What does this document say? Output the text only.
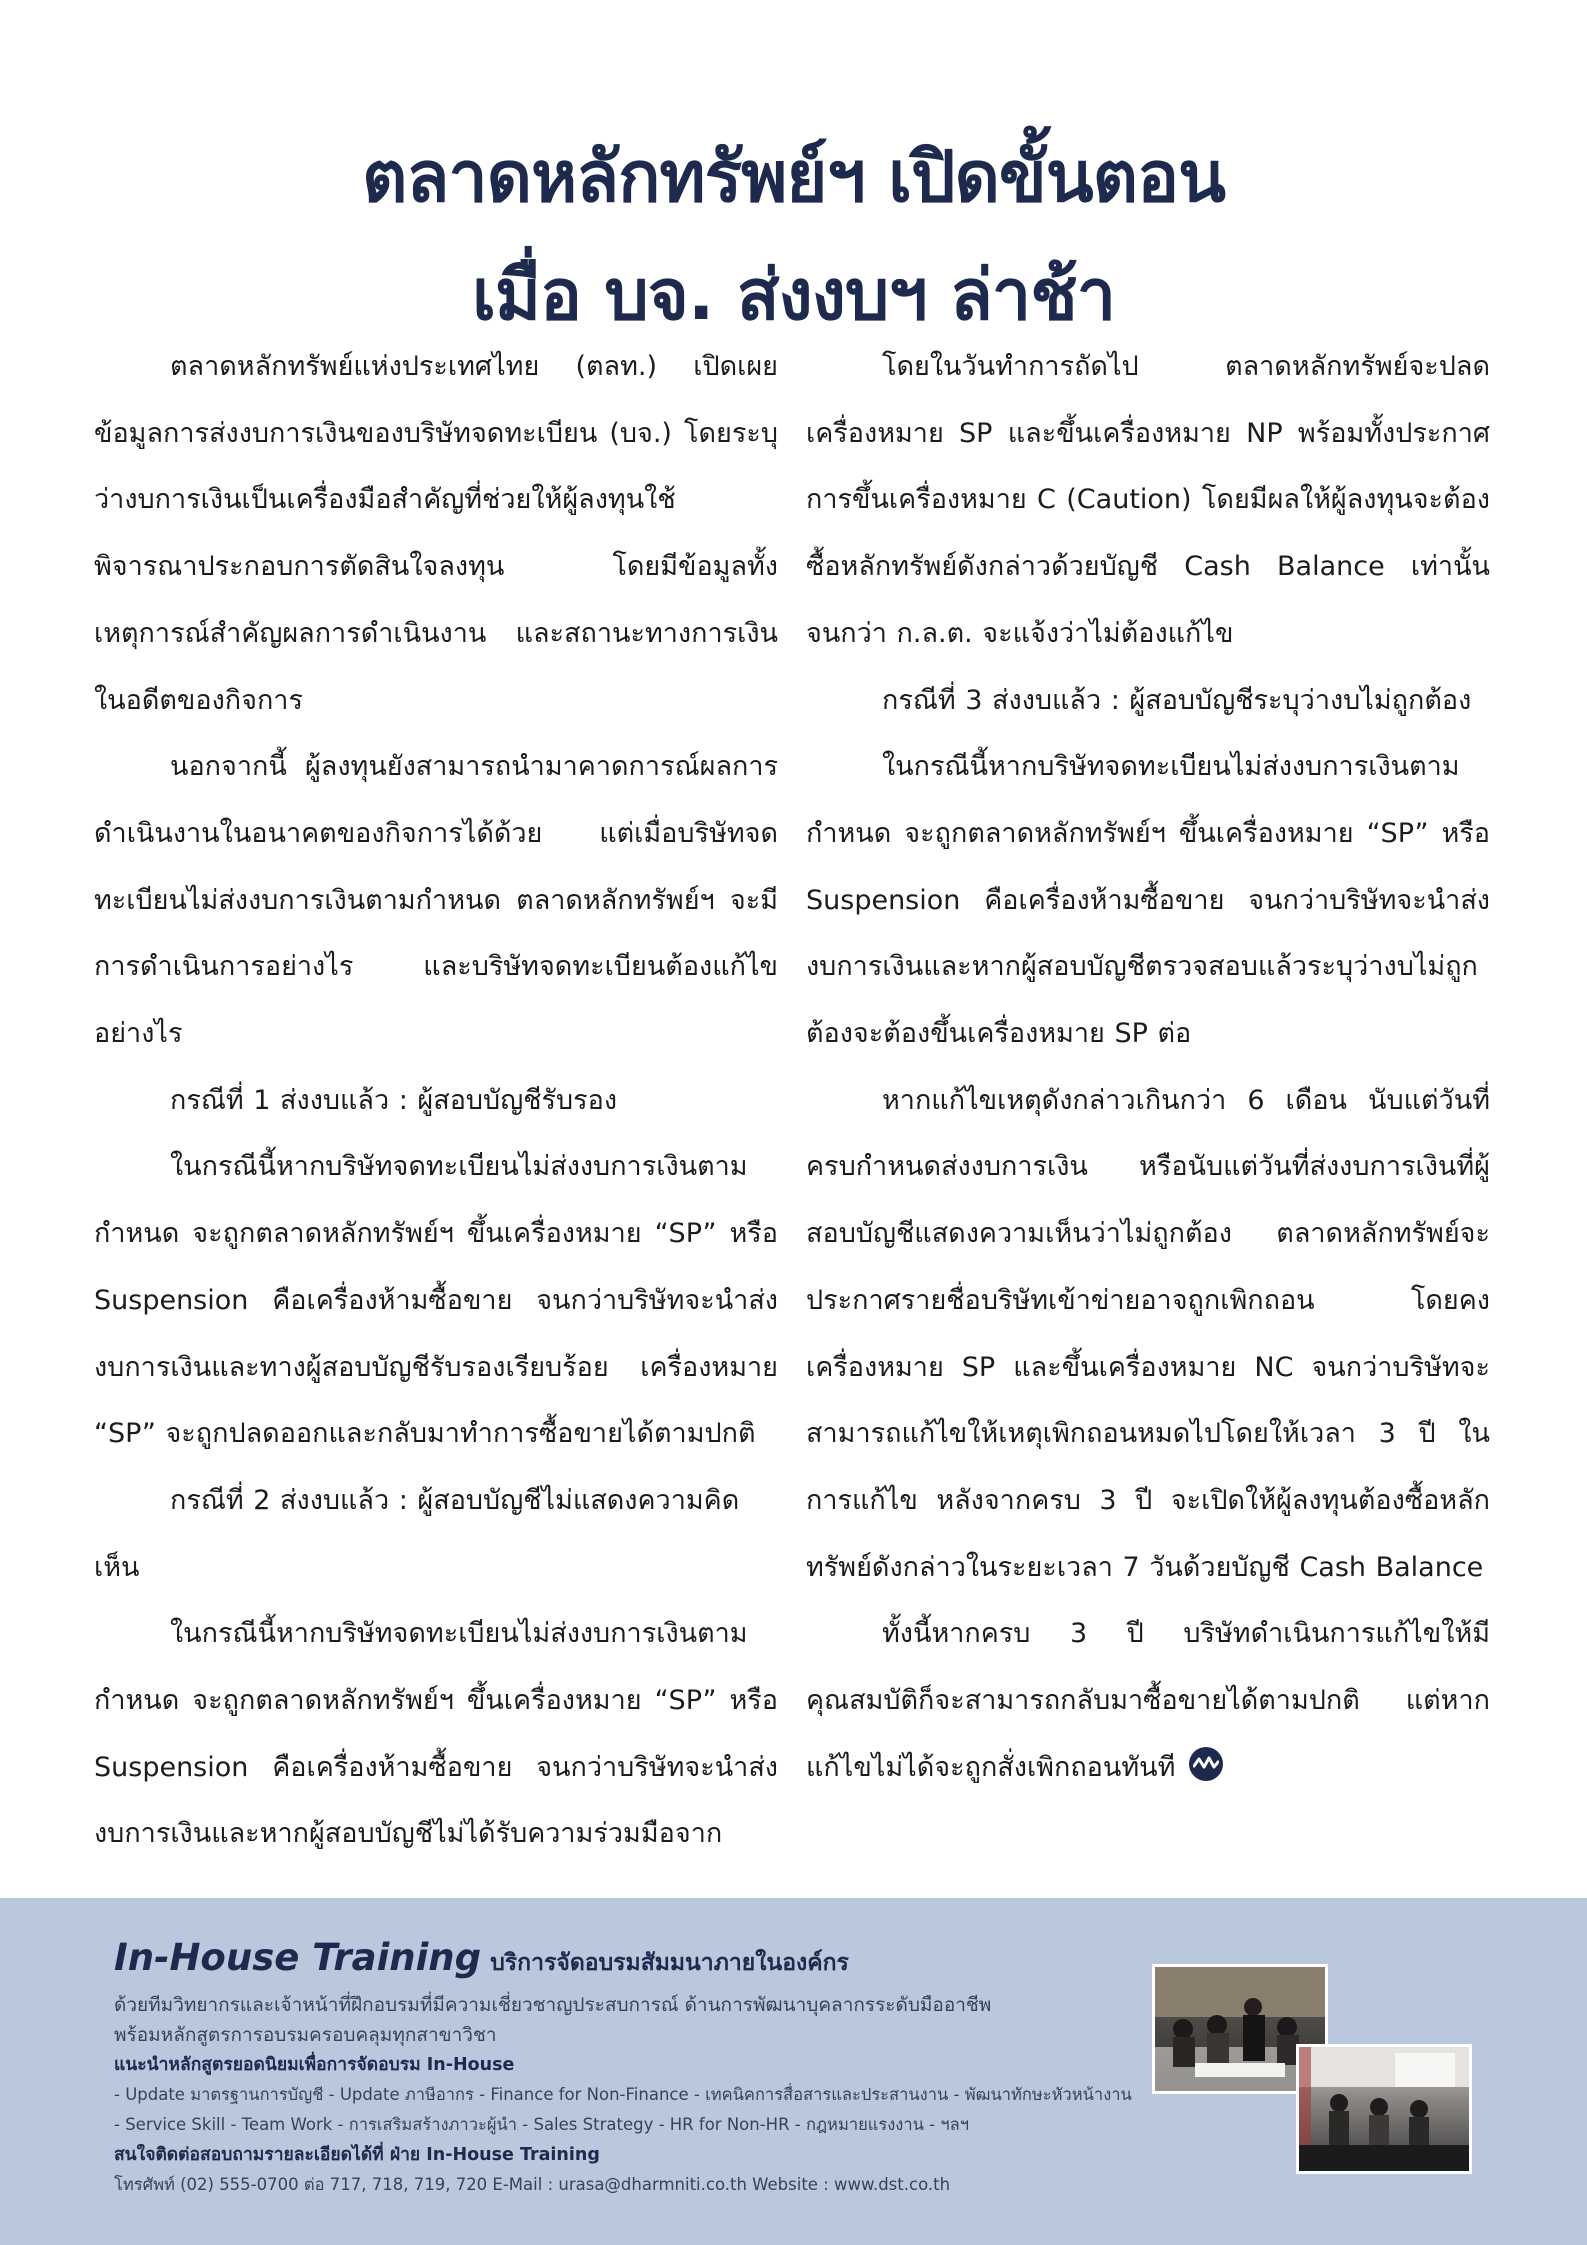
ตลาดหลักทรัพย์ฯ เปิดขั้นตอน
เมื่อ บจ. ส่งงบฯ ล่าช้า

ตลาดหลักทรัพย์แห่งประเทศไทย (ตลท.) เปิดเผยข้อมูลการส่งงบการเงินของบริษัทจดทะเบียน (บจ.) โดยระบุว่างบการเงินเป็นเครื่องมือสำคัญที่ช่วยให้ผู้ลงทุนใช้พิจารณาประกอบการตัดสินใจลงทุน โดยมีข้อมูลทั้งเหตุการณ์สำคัญผลการดำเนินงาน และสถานะทางการเงินในอดีตของกิจการ

นอกจากนี้ ผู้ลงทุนยังสามารถนำมาคาดการณ์ผลการดำเนินงานในอนาคตของกิจการได้ด้วย แต่เมื่อบริษัทจดทะเบียนไม่ส่งงบการเงินตามกำหนด ตลาดหลักทรัพย์ฯ จะมีการดำเนินการอย่างไร และบริษัทจดทะเบียนต้องแก้ไขอย่างไร

กรณีที่ 1 ส่งงบแล้ว : ผู้สอบบัญชีรับรอง

ในกรณีนี้หากบริษัทจดทะเบียนไม่ส่งงบการเงินตามกำหนด จะถูกตลาดหลักทรัพย์ฯ ขึ้นเครื่องหมาย “SP” หรือ Suspension คือเครื่องห้ามซื้อขาย จนกว่าบริษัทจะนำส่งงบการเงินและทางผู้สอบบัญชีรับรองเรียบร้อย เครื่องหมาย “SP” จะถูกปลดออกและกลับมาทำการซื้อขายได้ตามปกติ

กรณีที่ 2 ส่งงบแล้ว : ผู้สอบบัญชีไม่แสดงความคิดเห็น

ในกรณีนี้หากบริษัทจดทะเบียนไม่ส่งงบการเงินตามกำหนด จะถูกตลาดหลักทรัพย์ฯ ขึ้นเครื่องหมาย “SP” หรือ Suspension คือเครื่องห้ามซื้อขาย จนกว่าบริษัทจะนำส่งงบการเงินและหากผู้สอบบัญชีไม่ได้รับความร่วมมือจาก

โดยในวันทำการถัดไป ตลาดหลักทรัพย์จะปลดเครื่องหมาย SP และขึ้นเครื่องหมาย NP พร้อมทั้งประกาศการขึ้นเครื่องหมาย C (Caution) โดยมีผลให้ผู้ลงทุนจะต้องซื้อหลักทรัพย์ดังกล่าวด้วยบัญชี Cash Balance เท่านั้น จนกว่า ก.ล.ต. จะแจ้งว่าไม่ต้องแก้ไข

กรณีที่ 3 ส่งงบแล้ว : ผู้สอบบัญชีระบุว่างบไม่ถูกต้อง

ในกรณีนี้หากบริษัทจดทะเบียนไม่ส่งงบการเงินตามกำหนด จะถูกตลาดหลักทรัพย์ฯ ขึ้นเครื่องหมาย “SP” หรือ Suspension คือเครื่องห้ามซื้อขาย จนกว่าบริษัทจะนำส่งงบการเงินและหากผู้สอบบัญชีตรวจสอบแล้วระบุว่างบไม่ถูกต้องจะต้องขึ้นเครื่องหมาย SP ต่อ

หากแก้ไขเหตุดังกล่าวเกินกว่า 6 เดือน นับแต่วันที่ครบกำหนดส่งงบการเงิน หรือนับแต่วันที่ส่งงบการเงินที่ผู้สอบบัญชีแสดงความเห็นว่าไม่ถูกต้อง ตลาดหลักทรัพย์จะประกาศรายชื่อบริษัทเข้าข่ายอาจถูกเพิกถอน โดยคงเครื่องหมาย SP และขึ้นเครื่องหมาย NC จนกว่าบริษัทจะสามารถแก้ไขให้เหตุเพิกถอนหมดไปโดยให้เวลา 3 ปี ในการแก้ไข หลังจากครบ 3 ปี จะเปิดให้ผู้ลงทุนต้องซื้อหลักทรัพย์ดังกล่าวในระยะเวลา 7 วันด้วยบัญชี Cash Balance

ทั้งนี้หากครบ 3 ปี บริษัทดำเนินการแก้ไขให้มีคุณสมบัติก็จะสามารถกลับมาซื้อขายได้ตามปกติ แต่หากแก้ไขไม่ได้จะถูกสั่งเพิกถอนทันที

In-House Training บริการจัดอบรมสัมมนาภายในองค์กร
ด้วยทีมวิทยากรและเจ้าหน้าที่ฝึกอบรมที่มีความเชี่ยวชาญประสบการณ์ ด้านการพัฒนาบุคลากรระดับมืออาชีพ
พร้อมหลักสูตรการอบรมครอบคลุมทุกสาขาวิชา
แนะนำหลักสูตรยอดนิยมเพื่อการจัดอบรม In-House
- Update มาตรฐานการบัญชี - Update ภาษีอากร - Finance for Non-Finance - เทคนิคการสื่อสารและประสานงาน - พัฒนาทักษะหัวหน้างาน
- Service Skill - Team Work - การเสริมสร้างภาวะผู้นำ - Sales Strategy - HR for Non-HR - กฎหมายแรงงาน - ฯลฯ
สนใจติดต่อสอบถามรายละเอียดได้ที่ ฝ่าย In-House Training
โทรศัพท์ (02) 555-0700 ต่อ 717, 718, 719, 720 E-Mail : urasa@dharmniti.co.th Website : www.dst.co.th
